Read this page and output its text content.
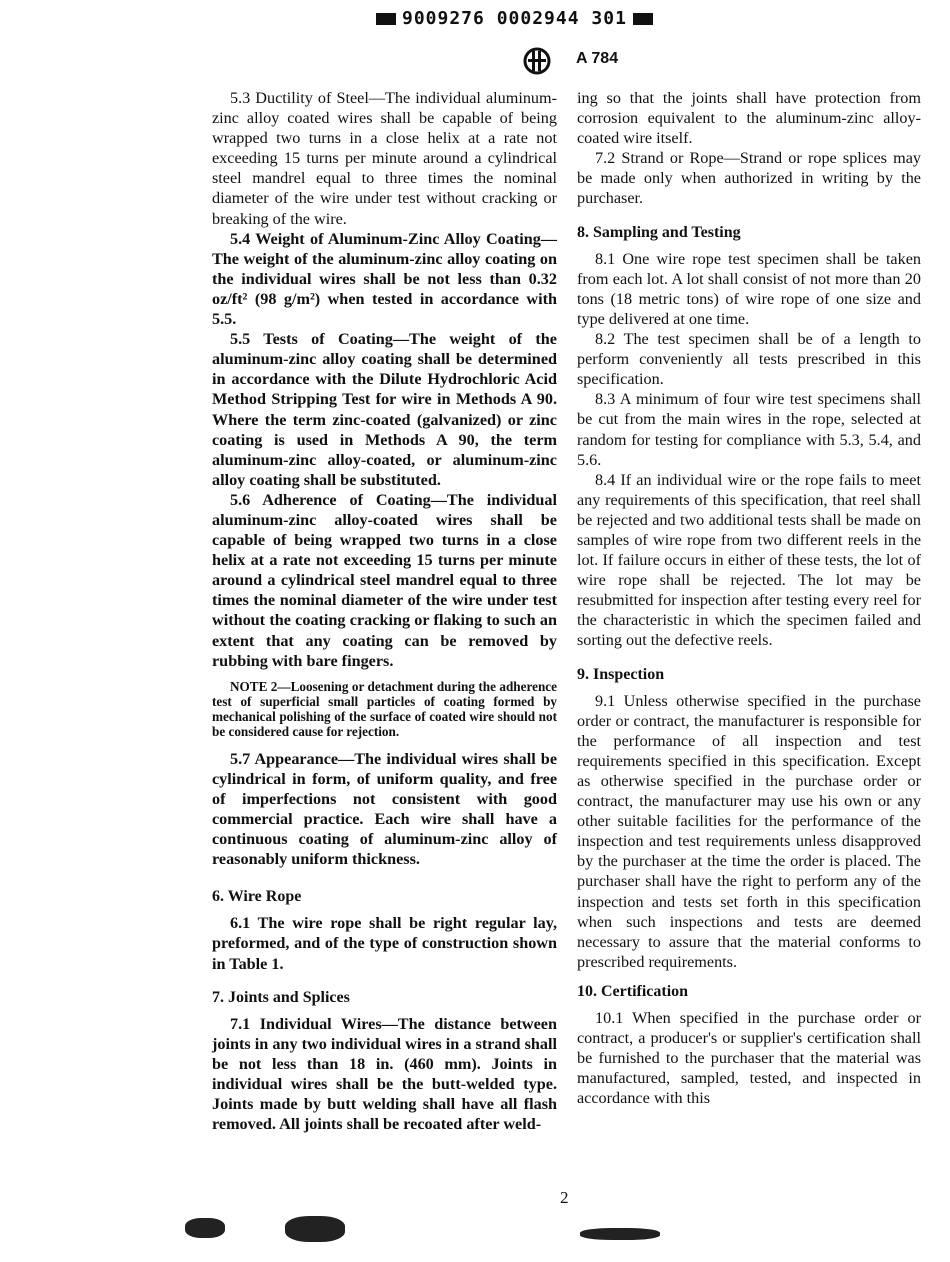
9009276 0002944 301
A 784

5.3 Ductility of Steel—The individual aluminum-zinc alloy coated wires shall be capable of being wrapped two turns in a close helix at a rate not exceeding 15 turns per minute around a cylindrical steel mandrel equal to three times the nominal diameter of the wire under test without cracking or breaking of the wire.

5.4 Weight of Aluminum-Zinc Alloy Coating—The weight of the aluminum-zinc alloy coating on the individual wires shall be not less than 0.32 oz/ft² (98 g/m²) when tested in accordance with 5.5.

5.5 Tests of Coating—The weight of the aluminum-zinc alloy coating shall be determined in accordance with the Dilute Hydrochloric Acid Method Stripping Test for wire in Methods A 90. Where the term zinc-coated (galvanized) or zinc coating is used in Methods A 90, the term aluminum-zinc alloy-coated, or aluminum-zinc alloy coating shall be substituted.

5.6 Adherence of Coating—The individual aluminum-zinc alloy-coated wires shall be capable of being wrapped two turns in a close helix at a rate not exceeding 15 turns per minute around a cylindrical steel mandrel equal to three times the nominal diameter of the wire under test without the coating cracking or flaking to such an extent that any coating can be removed by rubbing with bare fingers.

NOTE 2—Loosening or detachment during the adherence test of superficial small particles of coating formed by mechanical polishing of the surface of coated wire should not be considered cause for rejection.

5.7 Appearance—The individual wires shall be cylindrical in form, of uniform quality, and free of imperfections not consistent with good commercial practice. Each wire shall have a continuous coating of aluminum-zinc alloy of reasonably uniform thickness.

6. Wire Rope

6.1 The wire rope shall be right regular lay, preformed, and of the type of construction shown in Table 1.

7. Joints and Splices

7.1 Individual Wires—The distance between joints in any two individual wires in a strand shall be not less than 18 in. (460 mm). Joints in individual wires shall be the butt-welded type. Joints made by butt welding shall have all flash removed. All joints shall be recoated after weld-

ing so that the joints shall have protection from corrosion equivalent to the aluminum-zinc alloy-coated wire itself.

7.2 Strand or Rope—Strand or rope splices may be made only when authorized in writing by the purchaser.

8. Sampling and Testing

8.1 One wire rope test specimen shall be taken from each lot. A lot shall consist of not more than 20 tons (18 metric tons) of wire rope of one size and type delivered at one time.

8.2 The test specimen shall be of a length to perform conveniently all tests prescribed in this specification.

8.3 A minimum of four wire test specimens shall be cut from the main wires in the rope, selected at random for testing for compliance with 5.3, 5.4, and 5.6.

8.4 If an individual wire or the rope fails to meet any requirements of this specification, that reel shall be rejected and two additional tests shall be made on samples of wire rope from two different reels in the lot. If failure occurs in either of these tests, the lot of wire rope shall be rejected. The lot may be resubmitted for inspection after testing every reel for the characteristic in which the specimen failed and sorting out the defective reels.

9. Inspection

9.1 Unless otherwise specified in the purchase order or contract, the manufacturer is responsible for the performance of all inspection and test requirements specified in this specification. Except as otherwise specified in the purchase order or contract, the manufacturer may use his own or any other suitable facilities for the performance of the inspection and test requirements unless disapproved by the purchaser at the time the order is placed. The purchaser shall have the right to perform any of the inspection and tests set forth in this specification when such inspections and tests are deemed necessary to assure that the material conforms to prescribed requirements.

10. Certification

10.1 When specified in the purchase order or contract, a producer's or supplier's certification shall be furnished to the purchaser that the material was manufactured, sampled, tested, and inspected in accordance with this

2
